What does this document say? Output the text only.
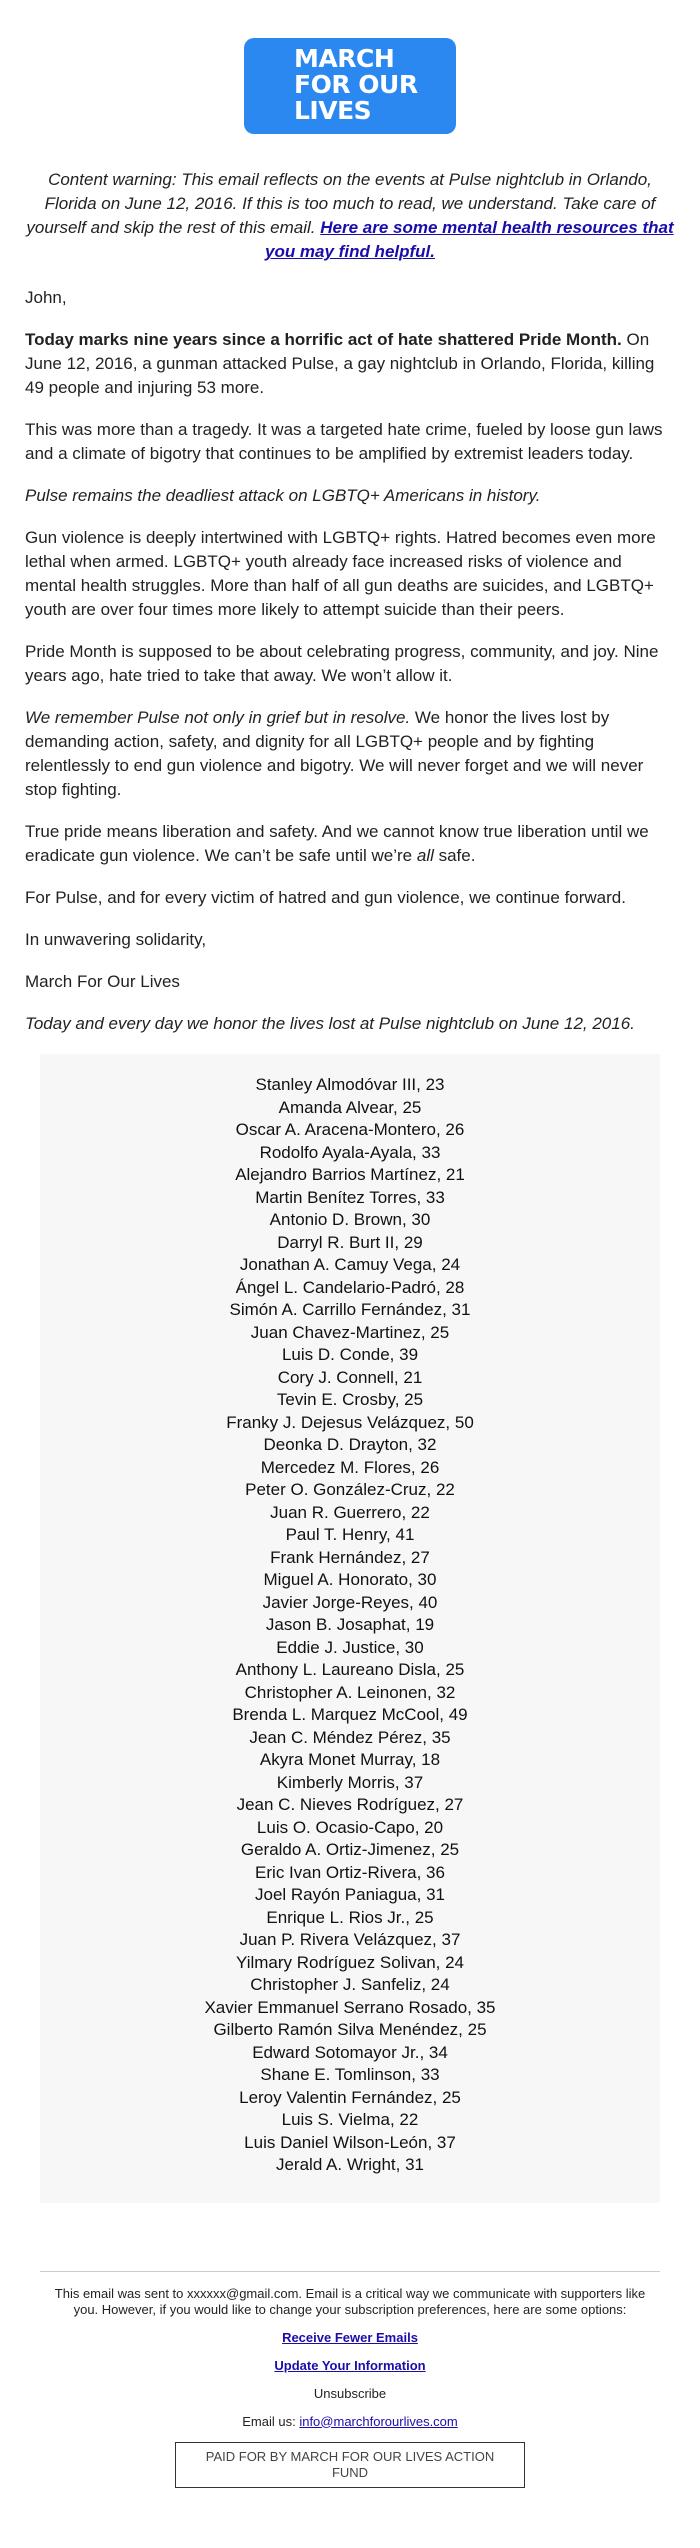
MARCH
FOR OUR
LIVES

Content warning: This email reflects on the events at Pulse nightclub in Orlando, Florida on June 12, 2016. If this is too much to read, we understand. Take care of yourself and skip the rest of this email. Here are some mental health resources that you may find helpful.

John,

Today marks nine years since a horrific act of hate shattered Pride Month. On June 12, 2016, a gunman attacked Pulse, a gay nightclub in Orlando, Florida, killing 49 people and injuring 53 more.

This was more than a tragedy. It was a targeted hate crime, fueled by loose gun laws and a climate of bigotry that continues to be amplified by extremist leaders today.

Pulse remains the deadliest attack on LGBTQ+ Americans in history.

Gun violence is deeply intertwined with LGBTQ+ rights. Hatred becomes even more lethal when armed. LGBTQ+ youth already face increased risks of violence and mental health struggles. More than half of all gun deaths are suicides, and LGBTQ+ youth are over four times more likely to attempt suicide than their peers.

Pride Month is supposed to be about celebrating progress, community, and joy. Nine years ago, hate tried to take that away. We won’t allow it.

We remember Pulse not only in grief but in resolve. We honor the lives lost by demanding action, safety, and dignity for all LGBTQ+ people and by fighting relentlessly to end gun violence and bigotry. We will never forget and we will never stop fighting.

True pride means liberation and safety. And we cannot know true liberation until we eradicate gun violence. We can’t be safe until we’re all safe.

For Pulse, and for every victim of hatred and gun violence, we continue forward.

In unwavering solidarity,

March For Our Lives

Today and every day we honor the lives lost at Pulse nightclub on June 12, 2016.

Stanley Almodóvar III, 23
Amanda Alvear, 25
Oscar A. Aracena-Montero, 26
Rodolfo Ayala-Ayala, 33
Alejandro Barrios Martínez, 21
Martin Benítez Torres, 33
Antonio D. Brown, 30
Darryl R. Burt II, 29
Jonathan A. Camuy Vega, 24
Ángel L. Candelario-Padró, 28
Simón A. Carrillo Fernández, 31
Juan Chavez-Martinez, 25
Luis D. Conde, 39
Cory J. Connell, 21
Tevin E. Crosby, 25
Franky J. Dejesus Velázquez, 50
Deonka D. Drayton, 32
Mercedez M. Flores, 26
Peter O. González-Cruz, 22
Juan R. Guerrero, 22
Paul T. Henry, 41
Frank Hernández, 27
Miguel A. Honorato, 30
Javier Jorge-Reyes, 40
Jason B. Josaphat, 19
Eddie J. Justice, 30
Anthony L. Laureano Disla, 25
Christopher A. Leinonen, 32
Brenda L. Marquez McCool, 49
Jean C. Méndez Pérez, 35
Akyra Monet Murray, 18
Kimberly Morris, 37
Jean C. Nieves Rodríguez, 27
Luis O. Ocasio-Capo, 20
Geraldo A. Ortiz-Jimenez, 25
Eric Ivan Ortiz-Rivera, 36
Joel Rayón Paniagua, 31
Enrique L. Rios Jr., 25
Juan P. Rivera Velázquez, 37
Yilmary Rodríguez Solivan, 24
Christopher J. Sanfeliz, 24
Xavier Emmanuel Serrano Rosado, 35
Gilberto Ramón Silva Menéndez, 25
Edward Sotomayor Jr., 34
Shane E. Tomlinson, 33
Leroy Valentin Fernández, 25
Luis S. Vielma, 22
Luis Daniel Wilson-León, 37
Jerald A. Wright, 31

This email was sent to xxxxxx@gmail.com. Email is a critical way we communicate with supporters like you. However, if you would like to change your subscription preferences, here are some options:

Receive Fewer Emails

Update Your Information

Unsubscribe

Email us: info@marchforourlives.com

PAID FOR BY MARCH FOR OUR LIVES ACTION FUND
